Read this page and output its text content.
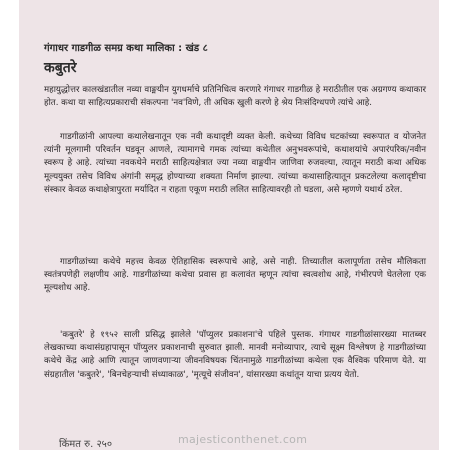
गंगाधर गाडगीळ समग्र कथा मालिका : खंड ८
कबुतरे

महायुद्धोत्तर कालखंडातील नव्या वाङ्मयीन युगधर्माचे प्रतिनिधित्व करणारे गंगाधर गाडगीळ हे मराठीतील एक अग्रगण्य कथाकार होत. कथा या साहित्यप्रकाराची संकल्पना 'नव'विणे, ती अधिक खुली करणे हे श्रेय निःसंदिग्धपणे त्यांचे आहे.

गाडगीळांनी आपल्या कथालेखनातून एक नवी कथादृष्टी व्यक्त केली. कथेच्या विविध घटकांच्या स्वरूपात व योजनेत त्यांनी मूलगामी परिवर्तन घडवून आणले, त्यामागचे गमक त्यांच्या कथेतील अनुभवरूपांचे, कथाशयांचे अपारंपरिक/नवीन स्वरूप हे आहे. त्यांच्या नवकथेने मराठी साहित्यक्षेत्रात ज्या नव्या वाङ्मयीन जाणिवा रुजवल्या, त्यातून मराठी कथा अधिक मूल्ययुक्त तसेच विविध अंगांनी समृद्ध होण्याच्या शक्यता निर्माण झाल्या. त्यांच्या कथासाहित्यातून प्रकटलेल्या कलादृष्टीचा संस्कार केवळ कथाक्षेत्रापुरता मर्यादित न राहता एकूण मराठी ललित साहित्यावरही तो घडला, असे म्हणणे यथार्थ ठरेल.

गाडगीळांच्या कथेचे महत्त्व केवळ ऐतिहासिक स्वरूपाचे आहे, असे नाही. तिच्यातील कलापूर्णता तसेच मौलिकता स्वतंत्रपणेही लक्षणीय आहे. गाडगीळांच्या कथेचा प्रवास हा कलावंत म्हणून त्यांचा स्वत्वशोध आहे, गंभीरपणे घेतलेला एक मूल्यशोध आहे.

'कबुतरे' हे १९५२ साली प्रसिद्ध झालेले 'पॉप्युलर प्रकाशना'चे पहिले पुस्तक. गंगाधर गाडगीळांसारख्या मातब्बर लेखकाच्या कथासंग्रहापासून पॉप्युलर प्रकाशनाची सुरुवात झाली. मानवी मनोव्यापार, त्याचे सूक्ष्म विश्लेषण हे गाडगीळांच्या कथेचे केंद्र आहे आणि त्यातून जाणवणाऱ्या जीवनविषयक चिंतनामुळे गाडगीळांच्या कथेला एक वैश्विक परिमाण येते. या संग्रहातील 'कबुतरे', 'बिनचेहऱ्याची संध्याकाळ', 'मृत्यूचे संजीवन', यांसारख्या कथांतून याचा प्रत्यय येतो.

किंमत रु. २५०	majesticonthenet.com
